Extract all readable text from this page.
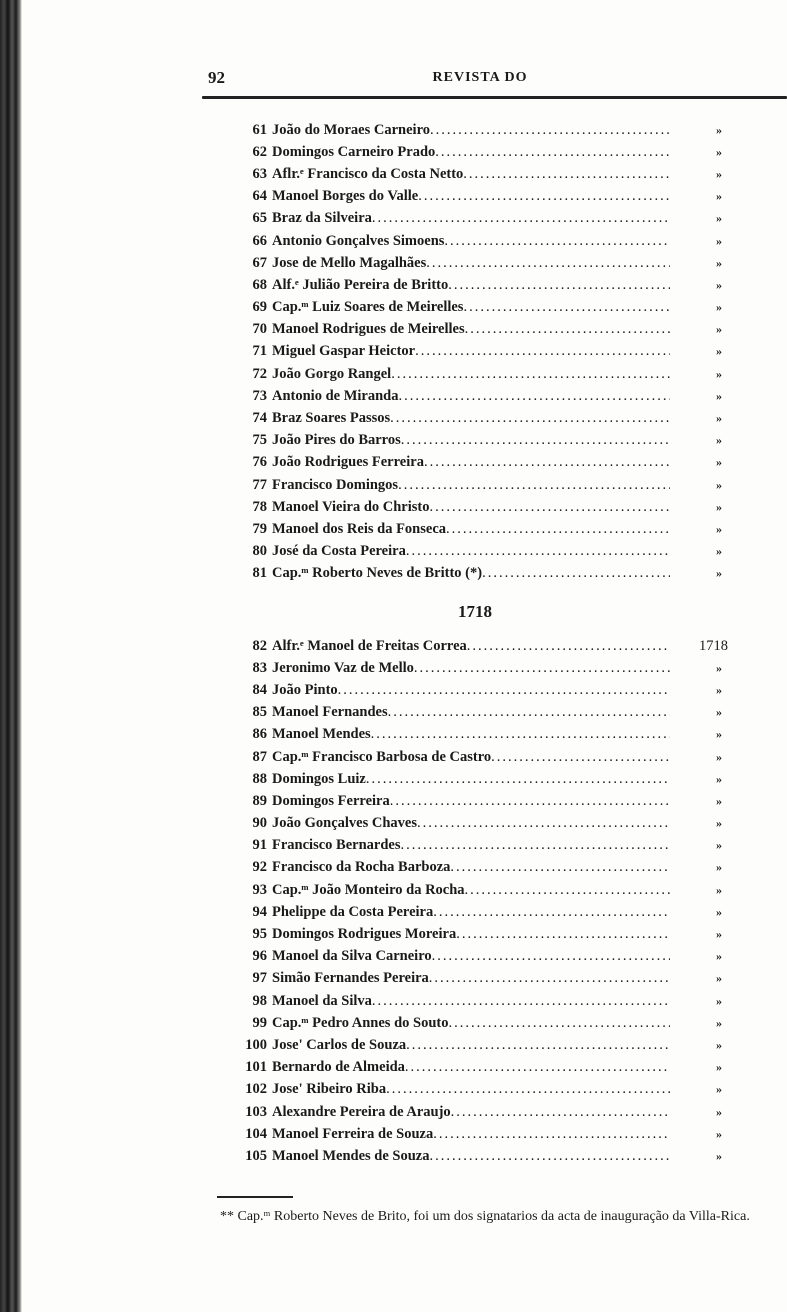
92	REVISTA DO
61 João do Moraes Carneiro .....	»
62 Domingos Carneiro Prado .....	»
63 Aflr.ᵉ Francisco da Costa Netto .....	»
64 Manoel Borges do Valle .....	»
65 Braz da Silveira .....	»
66 Antonio Gonçalves Simoens .....	»
67 Jose de Mello Magalhães .....	»
68 Alf.ᵉ Julião Pereira de Britto .....	»
69 Cap.ᵐ Luiz Soares de Meirelles .....	»
70 Manoel Rodrigues de Meirelles .....	»
71 Miguel Gaspar Heictor .....	»
72 João Gorgo Rangel .....	»
73 Antonio de Miranda .....	»
74 Braz Soares Passos .....	»
75 João Pires do Barros .....	»
76 João Rodrigues Ferreira .....	»
77 Francisco Domingos .....	»
78 Manoel Vieira do Christo .....	»
79 Manoel dos Reis da Fonseca .....	»
80 José da Costa Pereira .....	»
81 Cap.ᵐ Roberto Neves de Britto (*) .....	»
1718
82 Alfr.ᵉ Manoel de Freitas Correa .....	1718
83 Jeronimo Vaz de Mello .....	»
84 João Pinto .....	»
85 Manoel Fernandes .....	»
86 Manoel Mendes .....	»
87 Cap.ᵐ Francisco Barbosa de Castro .....	»
88 Domingos Luiz .....	»
89 Domingos Ferreira .....	»
90 João Gonçalves Chaves .....	»
91 Francisco Bernardes .....	»
92 Francisco da Rocha Barboza .....	»
93 Cap.ᵐ João Monteiro da Rocha .....	»
94 Phelippe da Costa Pereira .....	»
95 Domingos Rodrigues Moreira .....	»
96 Manoel da Silva Carneiro .....	»
97 Simão Fernandes Pereira .....	»
98 Manoel da Silva .....	»
99 Cap.ᵐ Pedro Annes do Souto .....	»
100 Jose' Carlos de Souza .....	»
101 Bernardo de Almeida .....	»
102 Jose' Ribeiro Riba .....	»
103 Alexandre Pereira de Araujo .....	»
104 Manoel Ferreira de Souza .....	»
105 Manoel Mendes de Souza .....	»
** Cap.ᵐ Roberto Neves de Brito, foi um dos signatarios da acta de inauguração da Villa-Rica.
